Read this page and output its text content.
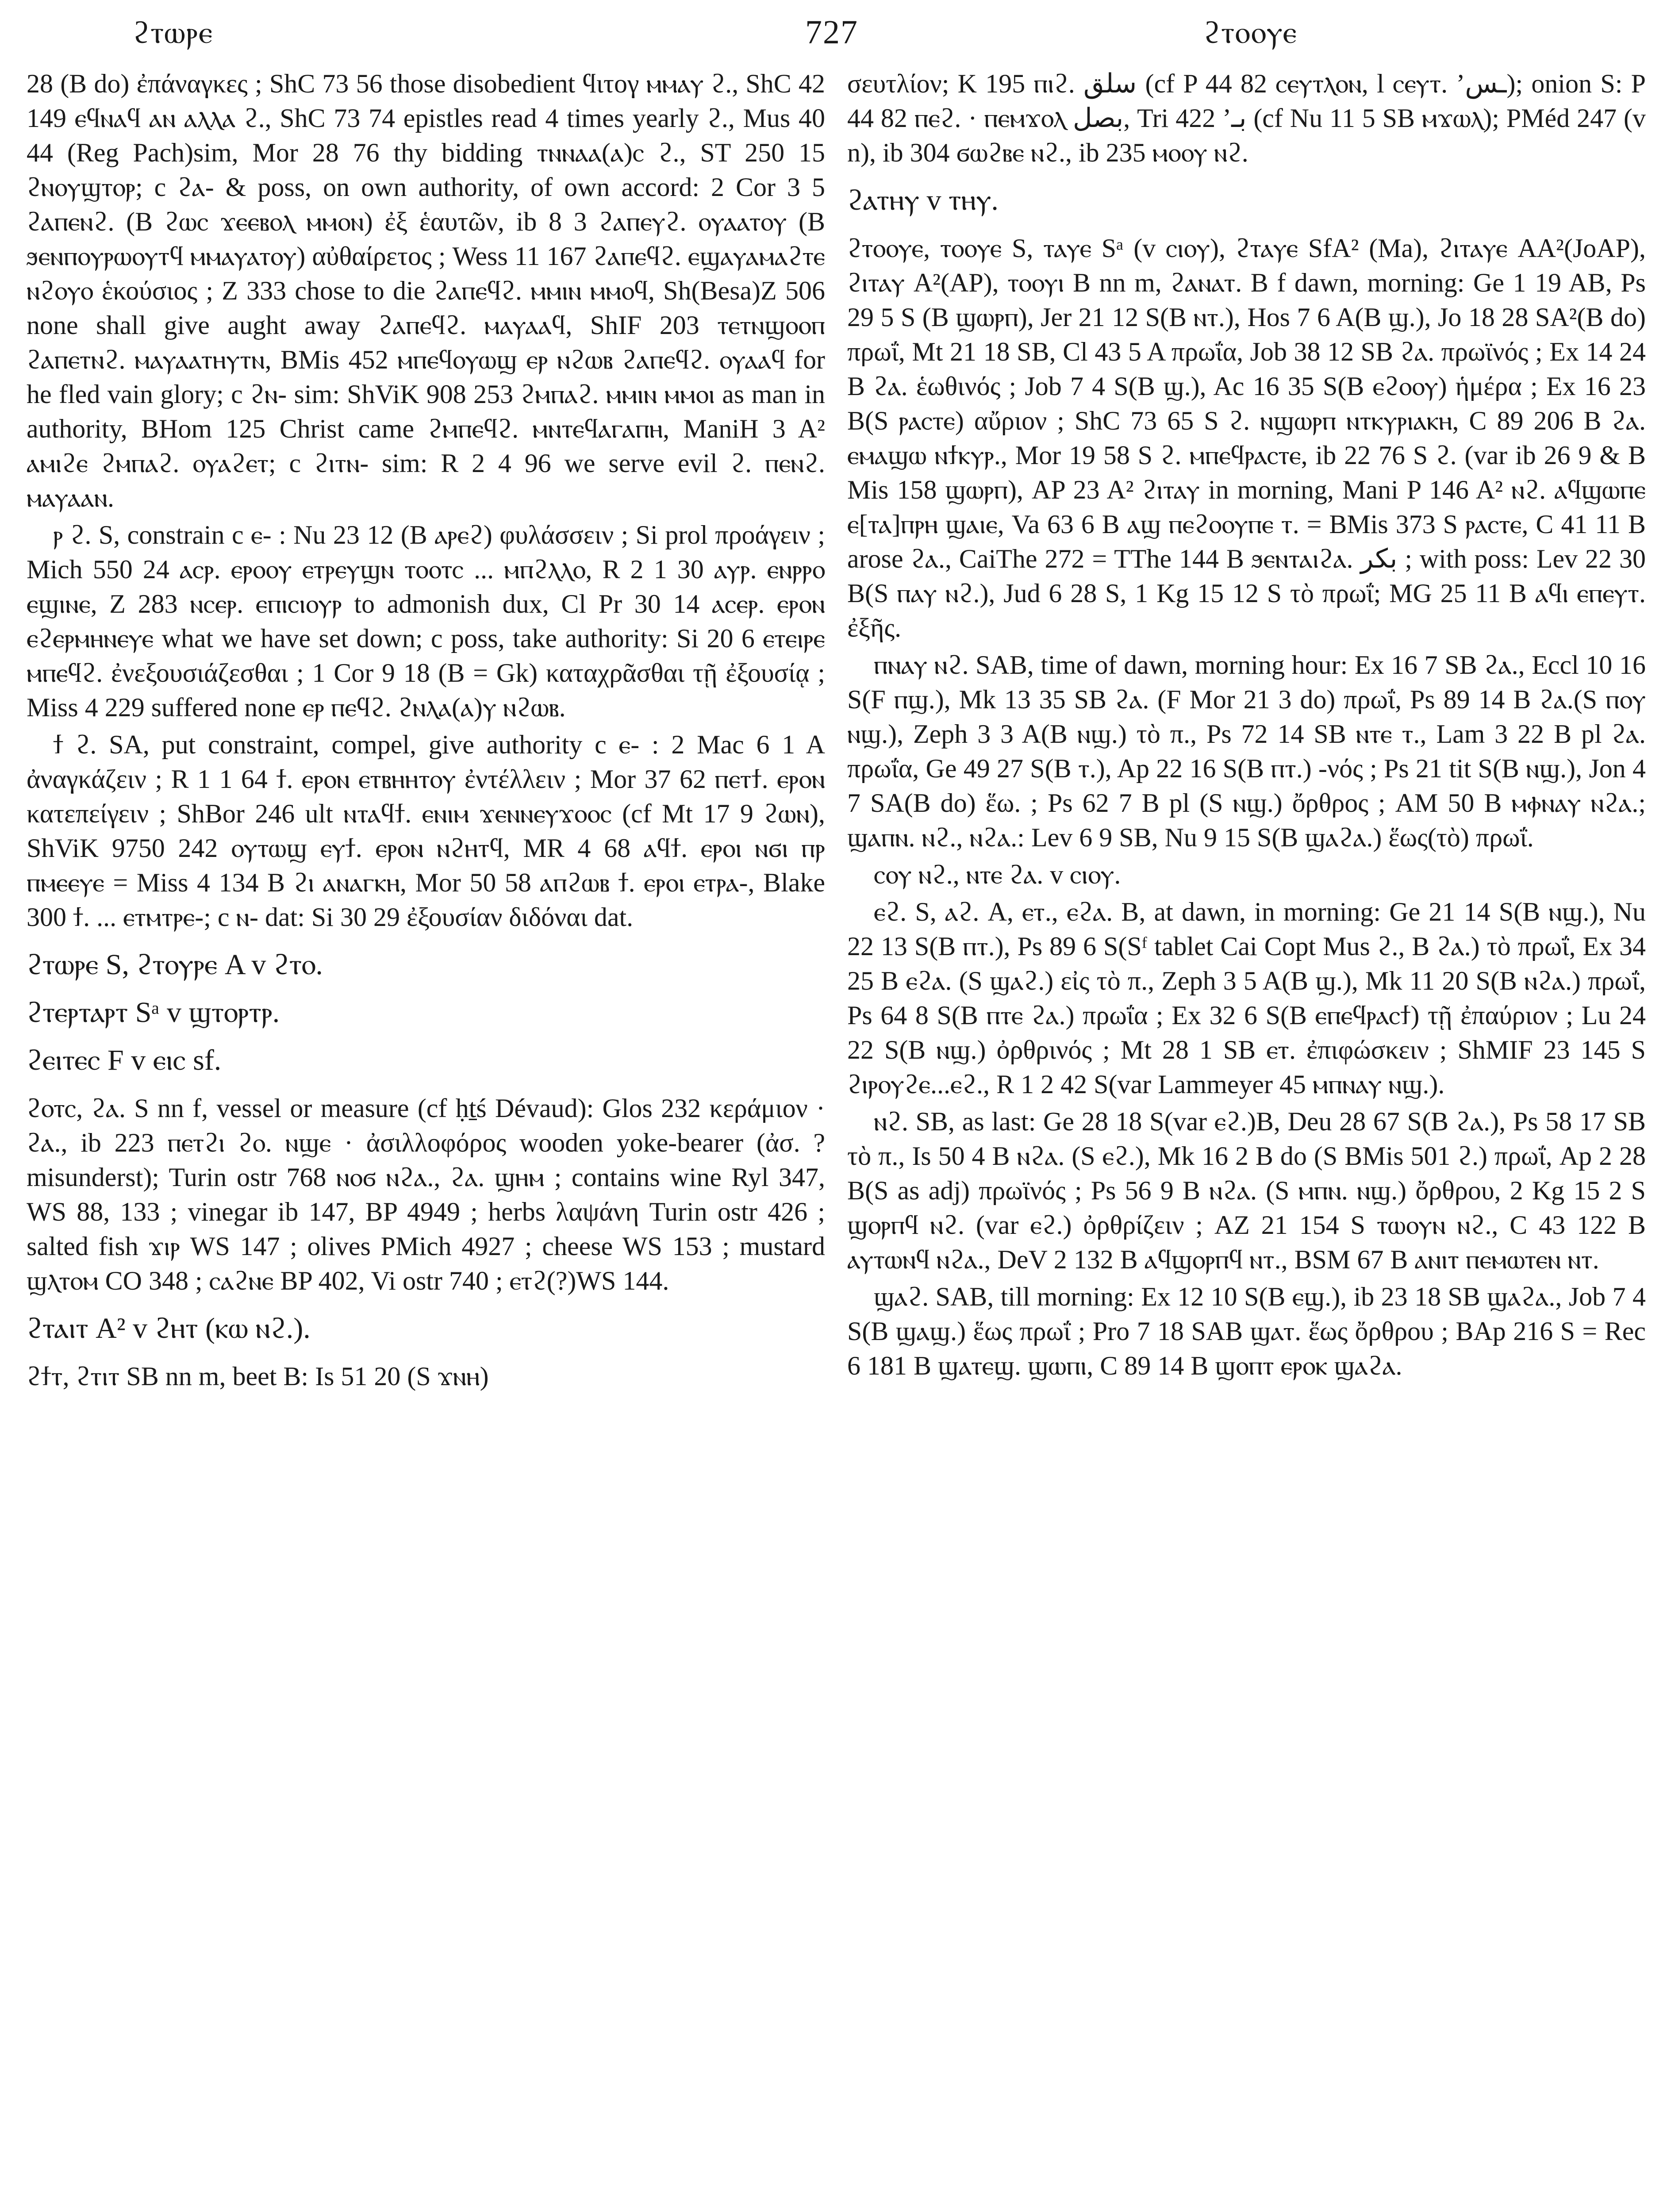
ϩⲧⲱⲣⲉ	727	ϩⲧⲟⲟⲩⲉ

28 (B do) ἐπάναγκες ; ShC 73 56 those disobedient ϥιτογ ⲙⲙⲁⲩ ϩ., ShC 42 149 ⲉϥⲛⲁϥ ⲁⲛ ⲁⲗⲗⲁ ϩ., ShC 73 74 epistles read 4 times yearly ϩ., Mus 40 44 (Reg Pach)sim, Mor 28 76 thy bidding ⲧⲛⲛⲁⲁ(ⲁ)ⲥ ϩ., ST 250 15 ϩⲛⲟⲩϣⲧⲟⲣ; c ϩⲁ- & poss, on own authority, of own accord: 2 Cor 3 5 ϩⲁⲡⲉⲛϩ. (B ϩⲱⲥ ϫⲉⲉⲃⲟⲗ ⲙⲙⲟⲛ) ἐξ ἑαυτῶν, ib 8 3 ϩⲁⲡⲉⲩϩ. ⲟⲩⲁⲁⲧⲟⲩ (B ϧⲉⲛⲡⲟⲩⲣⲱⲟⲩⲧϥ ⲙⲙⲁⲩⲁⲧⲟⲩ) αὐθαίρετος ; Wess 11 167 ϩⲁⲡⲉϥϩ. ⲉϣⲁⲩⲁⲙⲁϩⲧⲉ ⲛϩⲟⲩⲟ ἑκούσιος ; Z 333 chose to die ϩⲁⲡⲉϥϩ. ⲙⲙⲓⲛ ⲙⲙⲟϥ, Sh(Besa)Z 506 none shall give aught away ϩⲁⲡⲉϥϩ. ⲙⲁⲩⲁⲁϥ, ShIF 203 ⲧⲉⲧⲛϣⲟⲟⲡ ϩⲁⲡⲉⲧⲛϩ. ⲙⲁⲩⲁⲁⲧⲏⲩⲧⲛ, BMis 452 ⲙⲡⲉϥⲟⲩⲱϣ ⲉⲣ ⲛϩⲱⲃ ϩⲁⲡⲉϥϩ. ⲟⲩⲁⲁϥ for he fled vain glory; c ϩⲛ- sim: ShViK 908 253 ϩⲙⲡⲁϩ. ⲙⲙⲓⲛ ⲙⲙⲟⲓ as man in authority, BHom 125 Christ came ϩⲙⲡⲉϥϩ. ⲙⲛⲧⲉϥⲁⲅⲁⲡⲏ, ManiH 3 A² ⲁⲙⲓϩⲉ ϩⲙⲡⲁϩ. ⲟⲩⲁϩⲉⲧ; c ϩⲓⲧⲛ- sim: R 2 4 96 we serve evil ϩ. ⲡⲉⲛϩ. ⲙⲁⲩⲁⲁⲛ.

ⲣ ϩ. S, constrain c ⲉ- : Nu 23 12 (B ⲁⲣⲉϩ) φυλάσσειν ; Si prol προάγειν ; Mich 550 24 ⲁⲥⲣ. ⲉⲣⲟⲟⲩ ⲉⲧⲣⲉⲩϣⲛ ⲧⲟⲟⲧⲥ ... ⲙⲡϩⲗⲗⲟ, R 2 1 30 ⲁⲩⲣ. ⲉⲛⲣⲣⲟ ⲉϣⲓⲛⲉ, Z 283 ⲛⲥⲉⲣ. ⲉⲡⲓⲥⲓⲟⲩⲣ to admonish dux, Cl Pr 30 14 ⲁⲥⲉⲣ. ⲉⲣⲟⲛ ⲉϩⲉⲣⲙⲏⲛⲉⲩⲉ what we have set down; c poss, take authority: Si 20 6 ⲉⲧⲉⲓⲣⲉ ⲙⲡⲉϥϩ. ἐνεξουσιάζεσθαι ; 1 Cor 9 18 (B = Gk) καταχρᾶσθαι τῇ ἐξουσίᾳ ; Miss 4 229 suffered none ⲉⲣ ⲡⲉϥϩ. ϩⲛⲗⲁ(ⲁ)ⲩ ⲛϩⲱⲃ.

ϯ ϩ. SA, put constraint, compel, give authority c ⲉ- : 2 Mac 6 1 A ἀναγκάζειν ; R 1 1 64 ϯ. ⲉⲣⲟⲛ ⲉⲧⲃⲏⲏⲧⲟⲩ ἐντέλλειν ; Mor 37 62 ⲡⲉⲧϯ. ⲉⲣⲟⲛ κατεπείγειν ; ShBor 246 ult ⲛⲧⲁϥϯ. ⲉⲛⲓⲙ ϫⲉⲛⲛⲉⲩϫⲟⲟⲥ (cf Mt 17 9 ϩⲱⲛ), ShViK 9750 242 ⲟⲩⲧⲱϣ ⲉⲩϯ. ⲉⲣⲟⲛ ⲛϩⲏⲧϥ, MR 4 68 ⲁϥϯ. ⲉⲣⲟⲓ ⲛϭⲓ ⲡⲣ ⲡⲙⲉⲉⲩⲉ = Miss 4 134 B ϩⲓ ⲁⲛⲁⲅⲕⲏ, Mor 50 58 ⲁⲡϩⲱⲃ ϯ. ⲉⲣⲟⲓ ⲉⲧⲣⲁ-, Blake 300 ϯ. ... ⲉⲧⲙⲧⲣⲉ-; c ⲛ- dat: Si 30 29 ἐξουσίαν διδόναι dat.

ϩⲧⲱⲣⲉ S, ϩⲧⲟⲩⲣⲉ A v ϩⲧⲟ.

ϩⲧⲉⲣⲧⲁⲣⲧ Sᵃ v ϣⲧⲟⲣⲧⲣ.

ϩⲉⲓⲧⲉⲥ F v ⲉⲓⲥ sf.

ϩⲟⲧⲥ, ϩⲁ. S nn f, vessel or measure (cf ḥṯś Dévaud): Glos 232 κεράμιον · ϩⲁ., ib 223 ⲡⲉⲧϩⲓ ϩⲟ. ⲛϣⲉ · ἀσιλλοφόρος wooden yoke-bearer (ἀσ. ? misunderst); Turin ostr 768 ⲛⲟϭ ⲛϩⲁ., ϩⲁ. ϣⲏⲙ ; contains wine Ryl 347, WS 88, 133 ; vinegar ib 147, BP 4949 ; herbs λαψάνη Turin ostr 426 ; salted fish ϫⲓⲣ WS 147 ; olives PMich 4927 ; cheese WS 153 ; mustard ϣⲗⲧⲟⲙ CO 348 ; ⲥⲁϩⲛⲉ BP 402, Vi ostr 740 ; ⲉⲧϩ(?)WS 144.

ϩⲧⲁⲓⲧ A² v ϩⲏⲧ (ⲕⲱ ⲛϩ.).

ϩϯⲧ, ϩⲧⲓⲧ SB nn m, beet B: Is 51 20 (S ϫⲛⲏ)

σευτλίον; K 195 ⲡⲓϩ. سلق (cf P 44 82 ⲥⲉⲩⲧⲗⲟⲛ, l ⲥⲉⲩⲧ. ’ـس); onion S: P 44 82 ⲡⲉϩ. · ⲡⲉⲙϫⲟⲗ بصل, Tri 422 ’بـ (cf Nu 11 5 SB ⲙϫⲱⲗ); PMéd 247 (v n), ib 304 ϭⲱϩⲃⲉ ⲛϩ., ib 235 ⲙⲟⲟⲩ ⲛϩ.

ϩⲁⲧⲏⲩ v ⲧⲏⲩ.

ϩⲧⲟⲟⲩⲉ, ⲧⲟⲟⲩⲉ S, ⲧⲁⲩⲉ Sᵃ (v ⲥⲓⲟⲩ), ϩⲧⲁⲩⲉ SfA² (Ma), ϩⲓⲧⲁⲩⲉ AA²(JoAP), ϩⲓⲧⲁⲩ A²(AP), ⲧⲟⲟⲩⲓ B nn m, ϩⲁⲛⲁⲧ. B f dawn, morning: Ge 1 19 AB, Ps 29 5 S (B ϣⲱⲣⲡ), Jer 21 12 S(B ⲛⲧ.), Hos 7 6 A(B ϣ.), Jo 18 28 SA²(B do) πρωΐ, Mt 21 18 SB, Cl 43 5 A πρωΐα, Job 38 12 SB ϩⲁ. πρωϊνός ; Ex 14 24 B ϩⲁ. ἑωθινός ; Job 7 4 S(B ϣ.), Ac 16 35 S(B ⲉϩⲟⲟⲩ) ἡμέρα ; Ex 16 23 B(S ⲣⲁⲥⲧⲉ) αὔριον ; ShC 73 65 S ϩ. ⲛϣⲱⲣⲡ ⲛⲧⲕⲩⲣⲓⲁⲕⲏ, C 89 206 B ϩⲁ. ⲉⲙⲁϣⲱ ⲛϯⲕⲩⲣ., Mor 19 58 S ϩ. ⲙⲡⲉϥⲣⲁⲥⲧⲉ, ib 22 76 S ϩ. (var ib 26 9 & B Mis 158 ϣⲱⲣⲡ), AP 23 A² ϩⲓⲧⲁⲩ in morning, Mani P 146 A² ⲛϩ. ⲁϥϣⲱⲡⲉ ⲉ[ⲧⲁ]ⲡⲣⲏ ϣⲁⲓⲉ, Va 63 6 B ⲁϣ ⲡⲉϩⲟⲟⲩⲡⲉ ⲧ. = BMis 373 S ⲣⲁⲥⲧⲉ, C 41 11 B arose ϩⲁ., CaiThe 272 = TThe 144 B ϧⲉⲛⲧⲁⲓϩⲁ. بكر ; with poss: Lev 22 30 B(S ⲡⲁⲩ ⲛϩ.), Jud 6 28 S, 1 Kg 15 12 S τὸ πρωΐ; MG 25 11 B ⲁϥⲓ ⲉⲡⲉⲩⲧ. ἐξῆς.

ⲡⲛⲁⲩ ⲛϩ. SAB, time of dawn, morning hour: Ex 16 7 SB ϩⲁ., Eccl 10 16 S(F ⲡϣ.), Mk 13 35 SB ϩⲁ. (F Mor 21 3 do) πρωΐ, Ps 89 14 B ϩⲁ.(S ⲡⲟⲩ ⲛϣ.), Zeph 3 3 A(B ⲛϣ.) τὸ π., Ps 72 14 SB ⲛⲧⲉ ⲧ., Lam 3 22 B pl ϩⲁ. πρωΐα, Ge 49 27 S(B ⲧ.), Ap 22 16 S(B ⲡⲧ.) -νός ; Ps 21 tit S(B ⲛϣ.), Jon 4 7 SA(B do) ἕω. ; Ps 62 7 B pl (S ⲛϣ.) ὄρθρος ; AM 50 B ⲙⲫⲛⲁⲩ ⲛϩⲁ.; ϣⲁⲡⲛ. ⲛϩ., ⲛϩⲁ.: Lev 6 9 SB, Nu 9 15 S(B ϣⲁϩⲁ.) ἕως(τὸ) πρωΐ.

ⲥⲟⲩ ⲛϩ., ⲛⲧⲉ ϩⲁ. v ⲥⲓⲟⲩ.

ⲉϩ. S, ⲁϩ. A, ⲉⲧ., ⲉϩⲁ. B, at dawn, in morning: Ge 21 14 S(B ⲛϣ.), Nu 22 13 S(B ⲡⲧ.), Ps 89 6 S(Sᶠ tablet Cai Copt Mus ϩ., B ϩⲁ.) τὸ πρωΐ, Ex 34 25 B ⲉϩⲁ. (S ϣⲁϩ.) εἰς τὸ π., Zeph 3 5 A(B ϣ.), Mk 11 20 S(B ⲛϩⲁ.) πρωΐ, Ps 64 8 S(B ⲡⲧⲉ ϩⲁ.) πρωΐα ; Ex 32 6 S(B ⲉⲡⲉϥⲣⲁⲥϯ) τῇ ἐπαύριον ; Lu 24 22 S(B ⲛϣ.) ὀρθρινός ; Mt 28 1 SB ⲉⲧ. ἐπιφώσκειν ; ShMIF 23 145 S ϩⲓⲣⲟⲩϩⲉ...ⲉϩ., R 1 2 42 S(var Lammeyer 45 ⲙⲡⲛⲁⲩ ⲛϣ.).

ⲛϩ. SB, as last: Ge 28 18 S(var ⲉϩ.)B, Deu 28 67 S(B ϩⲁ.), Ps 58 17 SB τὸ π., Is 50 4 B ⲛϩⲁ. (S ⲉϩ.), Mk 16 2 B do (S BMis 501 ϩ.) πρωΐ, Ap 2 28 B(S as adj) πρωϊνός ; Ps 56 9 B ⲛϩⲁ. (S ⲙⲡⲛ. ⲛϣ.) ὄρθρου, 2 Kg 15 2 S ϣⲟⲣⲡϥ ⲛϩ. (var ⲉϩ.) ὀρθρίζειν ; AZ 21 154 S ⲧⲱⲟⲩⲛ ⲛϩ., C 43 122 B ⲁⲩⲧⲱⲛϥ ⲛϩⲁ., DeV 2 132 B ⲁϥϣⲟⲣⲡϥ ⲛⲧ., BSM 67 B ⲁⲛⲓⲧ ⲡⲉⲙⲱⲧⲉⲛ ⲛⲧ.

ϣⲁϩ. SAB, till morning: Ex 12 10 S(B ⲉϣ.), ib 23 18 SB ϣⲁϩⲁ., Job 7 4 S(B ϣⲁϣ.) ἕως πρωΐ ; Pro 7 18 SAB ϣⲁⲧ. ἕως ὄρθρου ; BAp 216 S = Rec 6 181 B ϣⲁⲧⲉϣ. ϣⲱⲡⲓ, C 89 14 B ϣⲟⲡⲧ ⲉⲣⲟⲕ ϣⲁϩⲁ.
